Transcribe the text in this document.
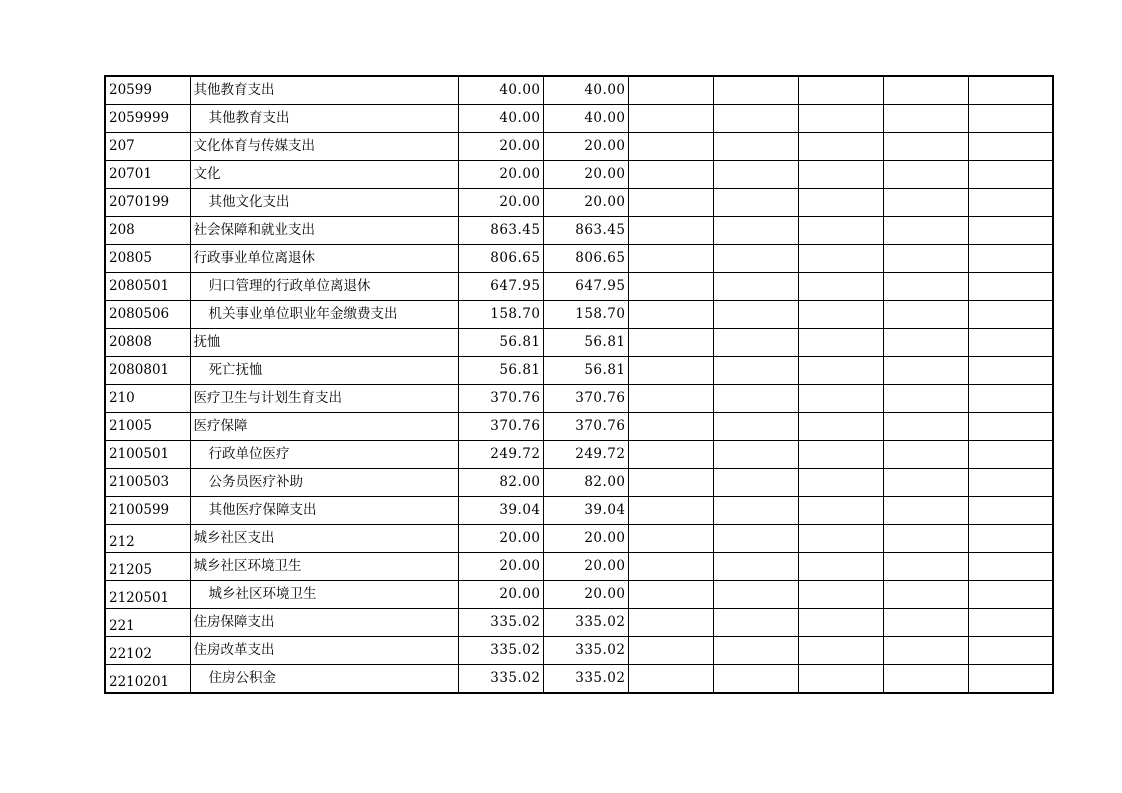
20599	其他教育支出	40.00	40.00					
2059999	其他教育支出	40.00	40.00					
207	文化体育与传媒支出	20.00	20.00					
20701	文化	20.00	20.00					
2070199	其他文化支出	20.00	20.00					
208	社会保障和就业支出	863.45	863.45					
20805	行政事业单位离退休	806.65	806.65					
2080501	归口管理的行政单位离退休	647.95	647.95					
2080506	机关事业单位职业年金缴费支出	158.70	158.70					
20808	抚恤	56.81	56.81					
2080801	死亡抚恤	56.81	56.81					
210	医疗卫生与计划生育支出	370.76	370.76					
21005	医疗保障	370.76	370.76					
2100501	行政单位医疗	249.72	249.72					
2100503	公务员医疗补助	82.00	82.00					
2100599	其他医疗保障支出	39.04	39.04					
212	城乡社区支出	20.00	20.00					
21205	城乡社区环境卫生	20.00	20.00					
2120501	城乡社区环境卫生	20.00	20.00					
221	住房保障支出	335.02	335.02					
22102	住房改革支出	335.02	335.02					
2210201	住房公积金	335.02	335.02					
